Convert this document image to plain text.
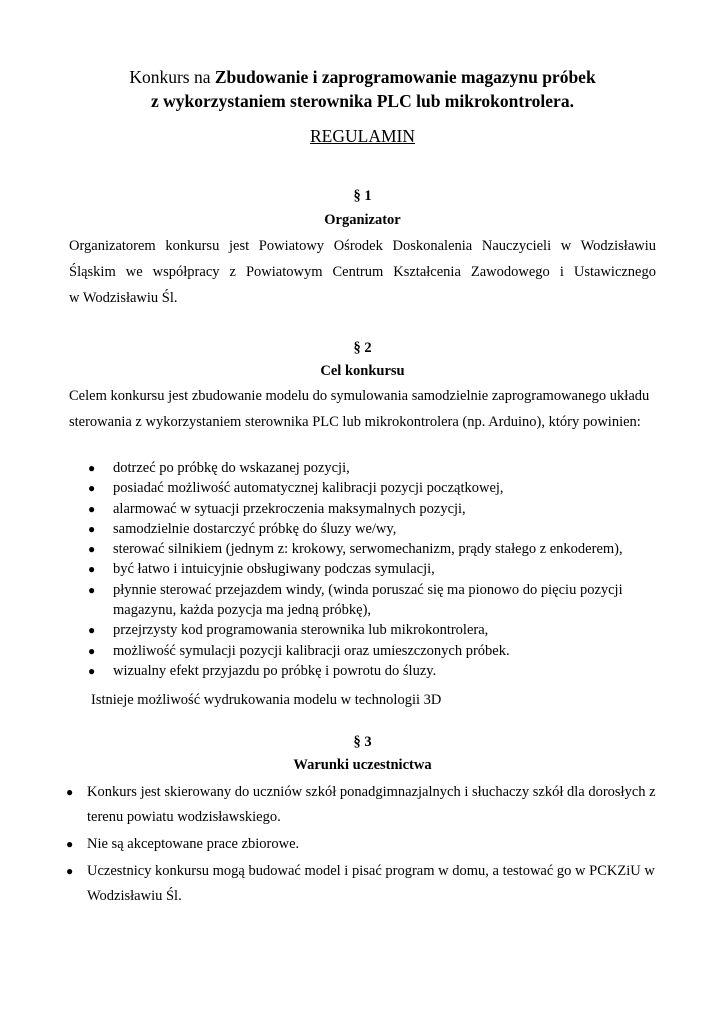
Konkurs na Zbudowanie i zaprogramowanie magazynu próbek
z wykorzystaniem sterownika PLC lub mikrokontrolera.
REGULAMIN
§ 1
Organizator
Organizatorem konkursu jest Powiatowy Ośrodek Doskonalenia Nauczycieli w Wodzisławiu
Śląskim we współpracy z Powiatowym Centrum Kształcenia Zawodowego i Ustawicznego
w Wodzisławiu Śl.
§ 2
Cel konkursu
Celem konkursu jest zbudowanie modelu do symulowania samodzielnie zaprogramowanego układu
sterowania z wykorzystaniem sterownika PLC lub mikrokontrolera (np. Arduino), który powinien:
● dotrzeć po próbkę do wskazanej pozycji,
● posiadać możliwość automatycznej kalibracji pozycji początkowej,
● alarmować w sytuacji przekroczenia maksymalnych pozycji,
● samodzielnie dostarczyć próbkę do śluzy we/wy,
● sterować silnikiem (jednym z: krokowy, serwomechanizm, prądy stałego z enkoderem),
● być łatwo i intuicyjnie obsługiwany podczas symulacji,
● płynnie sterować przejazdem windy, (winda poruszać się ma pionowo do pięciu pozycji magazynu, każda pozycja ma jedną próbkę),
● przejrzysty kod programowania sterownika lub mikrokontrolera,
● możliwość symulacji pozycji kalibracji oraz umieszczonych próbek.
● wizualny efekt przyjazdu po próbkę i powrotu do śluzy.
Istnieje możliwość wydrukowania modelu w technologii 3D
§ 3
Warunki uczestnictwa
● Konkurs jest skierowany do uczniów szkół ponadgimnazjalnych i słuchaczy szkół dla dorosłych z terenu powiatu wodzisławskiego.
● Nie są akceptowane prace zbiorowe.
● Uczestnicy konkursu mogą budować model i pisać program w domu, a testować go w PCKZiU w Wodzisławiu Śl.
